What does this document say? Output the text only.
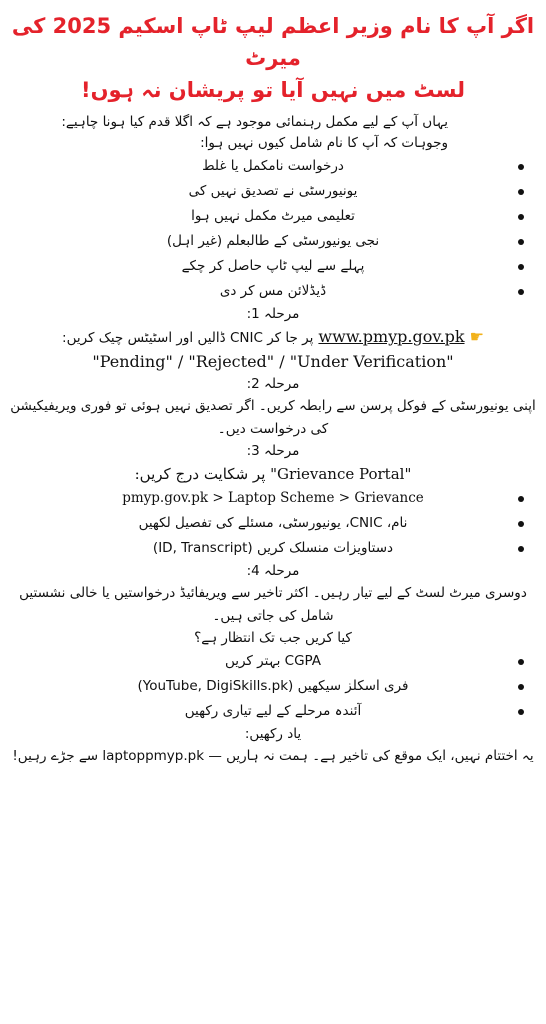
اگر آپ کا نام وزیر اعظم لیپ ٹاپ اسکیم 2025 کی میرٹ
لسٹ میں نہیں آیا تو پریشان نہ ہوں!
یہاں آپ کے لیے مکمل رہنمائی موجود ہے کہ اگلا قدم کیا ہونا چاہیے:
وجوہات کہ آپ کا نام شامل کیوں نہیں ہوا:
درخواست نامکمل یا غلط
یونیورسٹی نے تصدیق نہیں کی
تعلیمی میرٹ مکمل نہیں ہوا
نجی یونیورسٹی کے طالبعلم (غیر اہل)
پہلے سے لیپ ٹاپ حاصل کر چکے
ڈیڈلائن مس کر دی
مرحلہ 1:
☛ www.pmyp.gov.pk پر جا کر CNIC ڈالیں اور اسٹیٹس چیک کریں:
"Pending" / "Rejected" / "Under Verification"
مرحلہ 2:
اپنی یونیورسٹی کے فوکل پرسن سے رابطہ کریں۔ اگر تصدیق نہیں ہوئی تو فوری ویریفیکیشن کی درخواست دیں۔
مرحلہ 3:
"Grievance Portal" پر شکایت درج کریں:
pmyp.gov.pk > Laptop Scheme > Grievance
نام، CNIC، یونیورسٹی، مسئلے کی تفصیل لکھیں
دستاویزات منسلک کریں (ID, Transcript)
مرحلہ 4:
دوسری میرٹ لسٹ کے لیے تیار رہیں۔ اکثر تاخیر سے ویریفائیڈ درخواستیں یا خالی نشستیں شامل کی جاتی ہیں۔
کیا کریں جب تک انتظار ہے؟
CGPA بہتر کریں
فری اسکلز سیکھیں (YouTube, DigiSkills.pk)
آئندہ مرحلے کے لیے تیاری رکھیں
یاد رکھیں:
یہ اختتام نہیں، ایک موقع کی تاخیر ہے۔ ہمت نہ ہاریں — laptoppmyp.pk سے جڑے رہیں!
